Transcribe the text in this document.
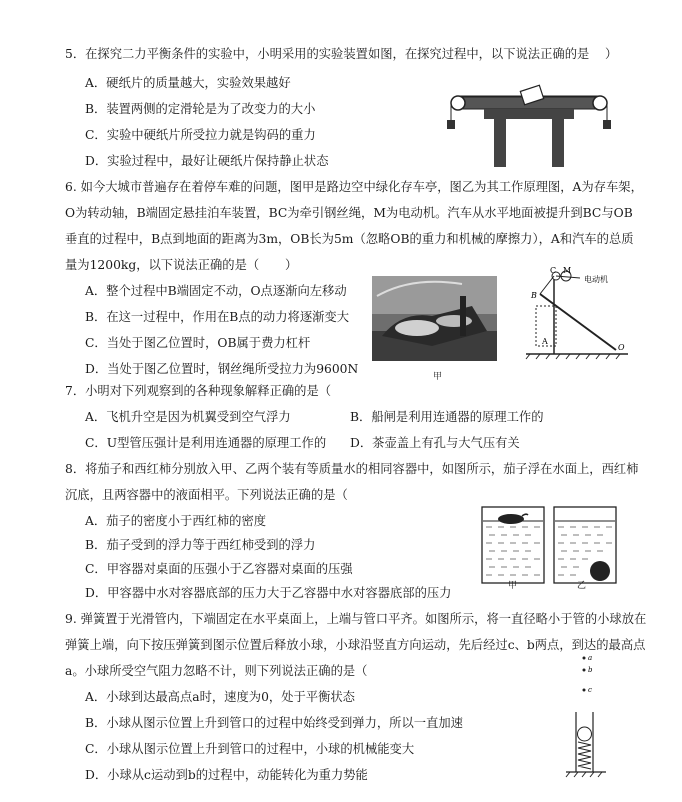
5．在探究二力平衡条件的实验中，小明采用的实验装置如图，在探究过程中，以下说法正确的是 ）
A．硬纸片的质量越大，实验效果越好
B．装置两侧的定滑轮是为了改变力的大小
C．实验中硬纸片所受拉力就是钩码的重力
D．实验过程中，最好让硬纸片保持静止状态
6. 如今大城市普遍存在着停车难的问题，图甲是路边空中绿化存车亭，图乙为其工作原理图，A为存车架，
O为转动轴，B端固定悬挂泊车装置，BC为牵引钢丝绳，M为电动机。汽车从水平地面被提升到BC与OB
垂直的过程中，B点到地面的距离为3m，OB长为5m（忽略OB的重力和机械的摩擦力），A和汽车的总质
量为1200kg，以下说法正确的是（ ）
A．整个过程中B端固定不动，O点逐渐向左移动
B．在这一过程中，作用在B点的动力将逐渐变大
C．当处于图乙位置时，OB属于费力杠杆
D．当处于图乙位置时，钢丝绳所受拉力为9600N
甲
C M
电动机
B
A
O
7．小明对下列观察到的各种现象解释正确的是（
A．飞机升空是因为机翼受到空气浮力	B．船闸是利用连通器的原理工作的
C．U型管压强计是利用连通器的原理工作的 D．茶壶盖上有孔与大气压有关
8．将茄子和西红柿分别放入甲、乙两个装有等质量水的相同容器中，如图所示，茄子浮在水面上，西红柿
沉底，且两容器中的液面相平。下列说法正确的是（
A．茄子的密度小于西红柿的密度
B．茄子受到的浮力等于西红柿受到的浮力
C．甲容器对桌面的压强小于乙容器对桌面的压强
D．甲容器中水对容器底部的压力大于乙容器中水对容器底部的压力	甲	乙
9. 弹簧置于光滑管内，下端固定在水平桌面上，上端与管口平齐。如图所示，将一直径略小于管的小球放在
弹簧上端，向下按压弹簧到图示位置后释放小球，小球沿竖直方向运动，先后经过c、b两点，到达的最高点
a。小球所受空气阻力忽略不计，则下列说法正确的是（
A．小球到达最高点a时，速度为0，处于平衡状态
B．小球从图示位置上升到管口的过程中始终受到弹力，所以一直加速
C．小球从图示位置上升到管口的过程中，小球的机械能变大
D．小球从c运动到b的过程中，动能转化为重力势能
a
b
c
